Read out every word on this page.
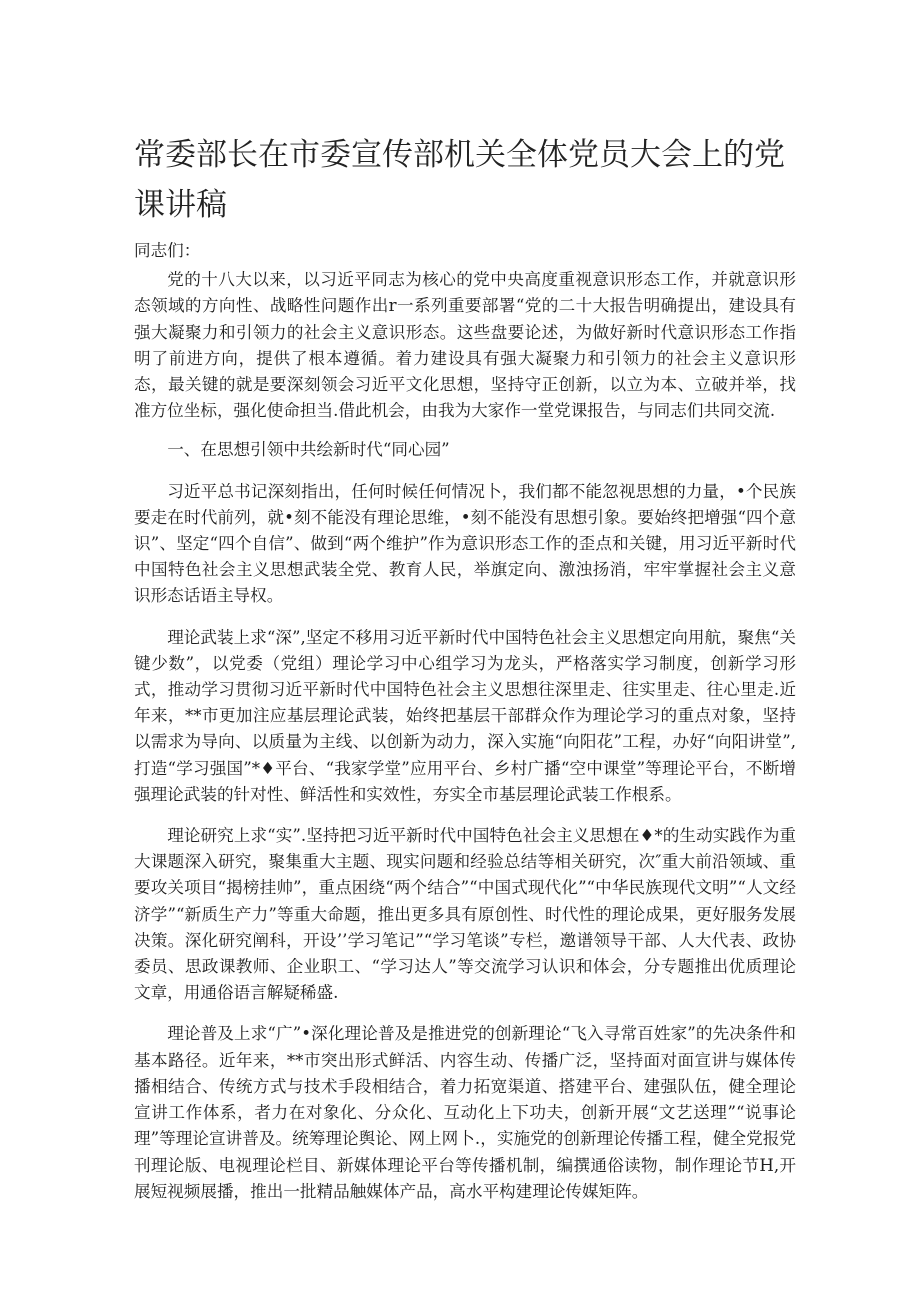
常委部长在市委宣传部机关全体党员大会上的党课讲稿

同志们：

党的十八大以来，以习近平同志为核心的党中央高度重视意识形态工作，并就意识形态领域的方向性、战略性问题作出r一系列重要部署“党的二十大报告明确提出，建设具有强大凝聚力和引领力的社会主义意识形态。这些盘要论述，为做好新时代意识形态工作指明了前进方向，提供了根本遵循。着力建设具有强大凝聚力和引领力的社会主义意识形态，最关键的就是要深刻领会习近平文化思想，坚持守正创新，以立为本、立破并举，找准方位坐标，强化使命担当.借此机会，由我为大家作一堂党课报告，与同志们共同交流.

一、在思想引领中共绘新时代“同心园”

习近平总书记深刻指出，任何时候任何情况卜，我们都不能忽视思想的力量，•个民族要走在时代前列，就•刻不能没有理论思维，•刻不能没有思想引象。要始终把增强“四个意识”、坚定“四个自信”、做到“两个维护”作为意识形态工作的歪点和关键，用习近平新时代中国特色社会主义思想武装全党、教育人民，举旗定向、激浊扬消，牢牢掌握社会主义意识形态话语主导权。

理论武装上求“深”,坚定不移用习近平新时代中国特色社会主义思想定向用航，聚焦“关键少数”，以党委（党组）理论学习中心组学习为龙头，严格落实学习制度，创新学习形式，推动学习贯彻习近平新时代中国特色社会主义思想往深里走、往实里走、往心里走.近年来，**市更加注应基层理论武装，始终把基层干部群众作为理论学习的重点对象，坚持以需求为导向、以质量为主线、以创新为动力，深入实施“向阳花”工程，办好“向阳讲堂”,打造“学习强国”*♦平台、“我家学堂”应用平台、乡村广播“空中课堂”等理论平台，不断增强理论武装的针对性、鲜活性和实效性，夯实全市基层理论武装工作根系。

理论研究上求“实”.坚持把习近平新时代中国特色社会主义思想在♦*的生动实践作为重大课题深入研究，聚集重大主题、现实问题和经验总结等相关研究，次″重大前沿领域、重要攻关项目“揭榜挂帅”，重点困绕“两个结合”“中国式现代化”“中华民族现代文明”“人文经济学”“新质生产力”等重大命题，推出更多具有原创性、时代性的理论成果，更好服务发展决策。深化研究阐科，开设’’学习笔记”“学习笔谈”专栏，邀谱领导干部、人大代表、政协委员、思政课教师、企业职工、“学习达人”等交流学习认识和体会，分专题推出优质理论文章，用通俗语言解疑稀盛.

理论普及上求“广”•深化理论普及是推进党的创新理论“飞入寻常百姓家”的先决条件和基本路径。近年来，**市突出形式鲜活、内容生动、传播广泛，坚持面对面宣讲与媒体传播相结合、传统方式与技术手段相结合，着力拓宽渠道、搭建平台、建强队伍，健全理论宣讲工作体系，者力在对象化、分众化、互动化上下功夫，创新开展“文艺送理”“说事论理”等理论宣讲普及。统筹理论舆论、网上网卜.，实施党的创新理论传播工程，健全党报党刊理论版、电视理论栏目、新媒体理论平台等传播机制，编撰通俗读物，制作理论节H,开展短视频展播，推出一批精品触媒体产品，高水平构建理论传媒矩阵。
